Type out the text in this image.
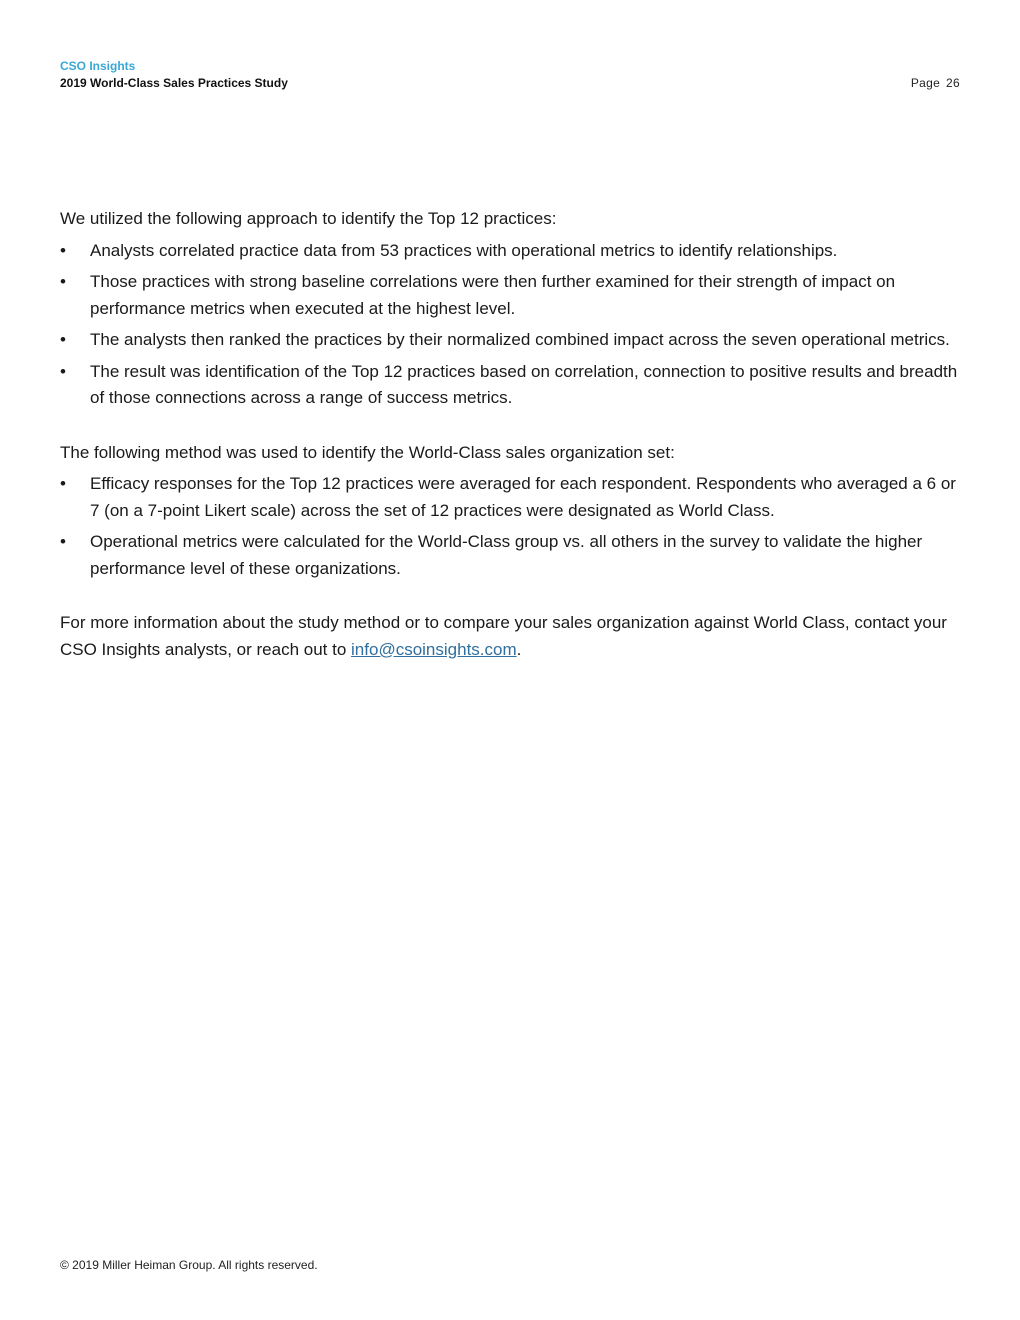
CSO Insights
2019 World-Class Sales Practices Study	Page 26

We utilized the following approach to identify the Top 12 practices:

• Analysts correlated practice data from 53 practices with operational metrics to identify relationships.
• Those practices with strong baseline correlations were then further examined for their strength of impact on performance metrics when executed at the highest level.
• The analysts then ranked the practices by their normalized combined impact across the seven operational metrics.
• The result was identification of the Top 12 practices based on correlation, connection to positive results and breadth of those connections across a range of success metrics.

The following method was used to identify the World-Class sales organization set:

• Efficacy responses for the Top 12 practices were averaged for each respondent. Respondents who averaged a 6 or 7 (on a 7-point Likert scale) across the set of 12 practices were designated as World Class.
• Operational metrics were calculated for the World-Class group vs. all others in the survey to validate the higher performance level of these organizations.

For more information about the study method or to compare your sales organization against World Class, contact your CSO Insights analysts, or reach out to info@csoinsights.com.

© 2019 Miller Heiman Group. All rights reserved.
